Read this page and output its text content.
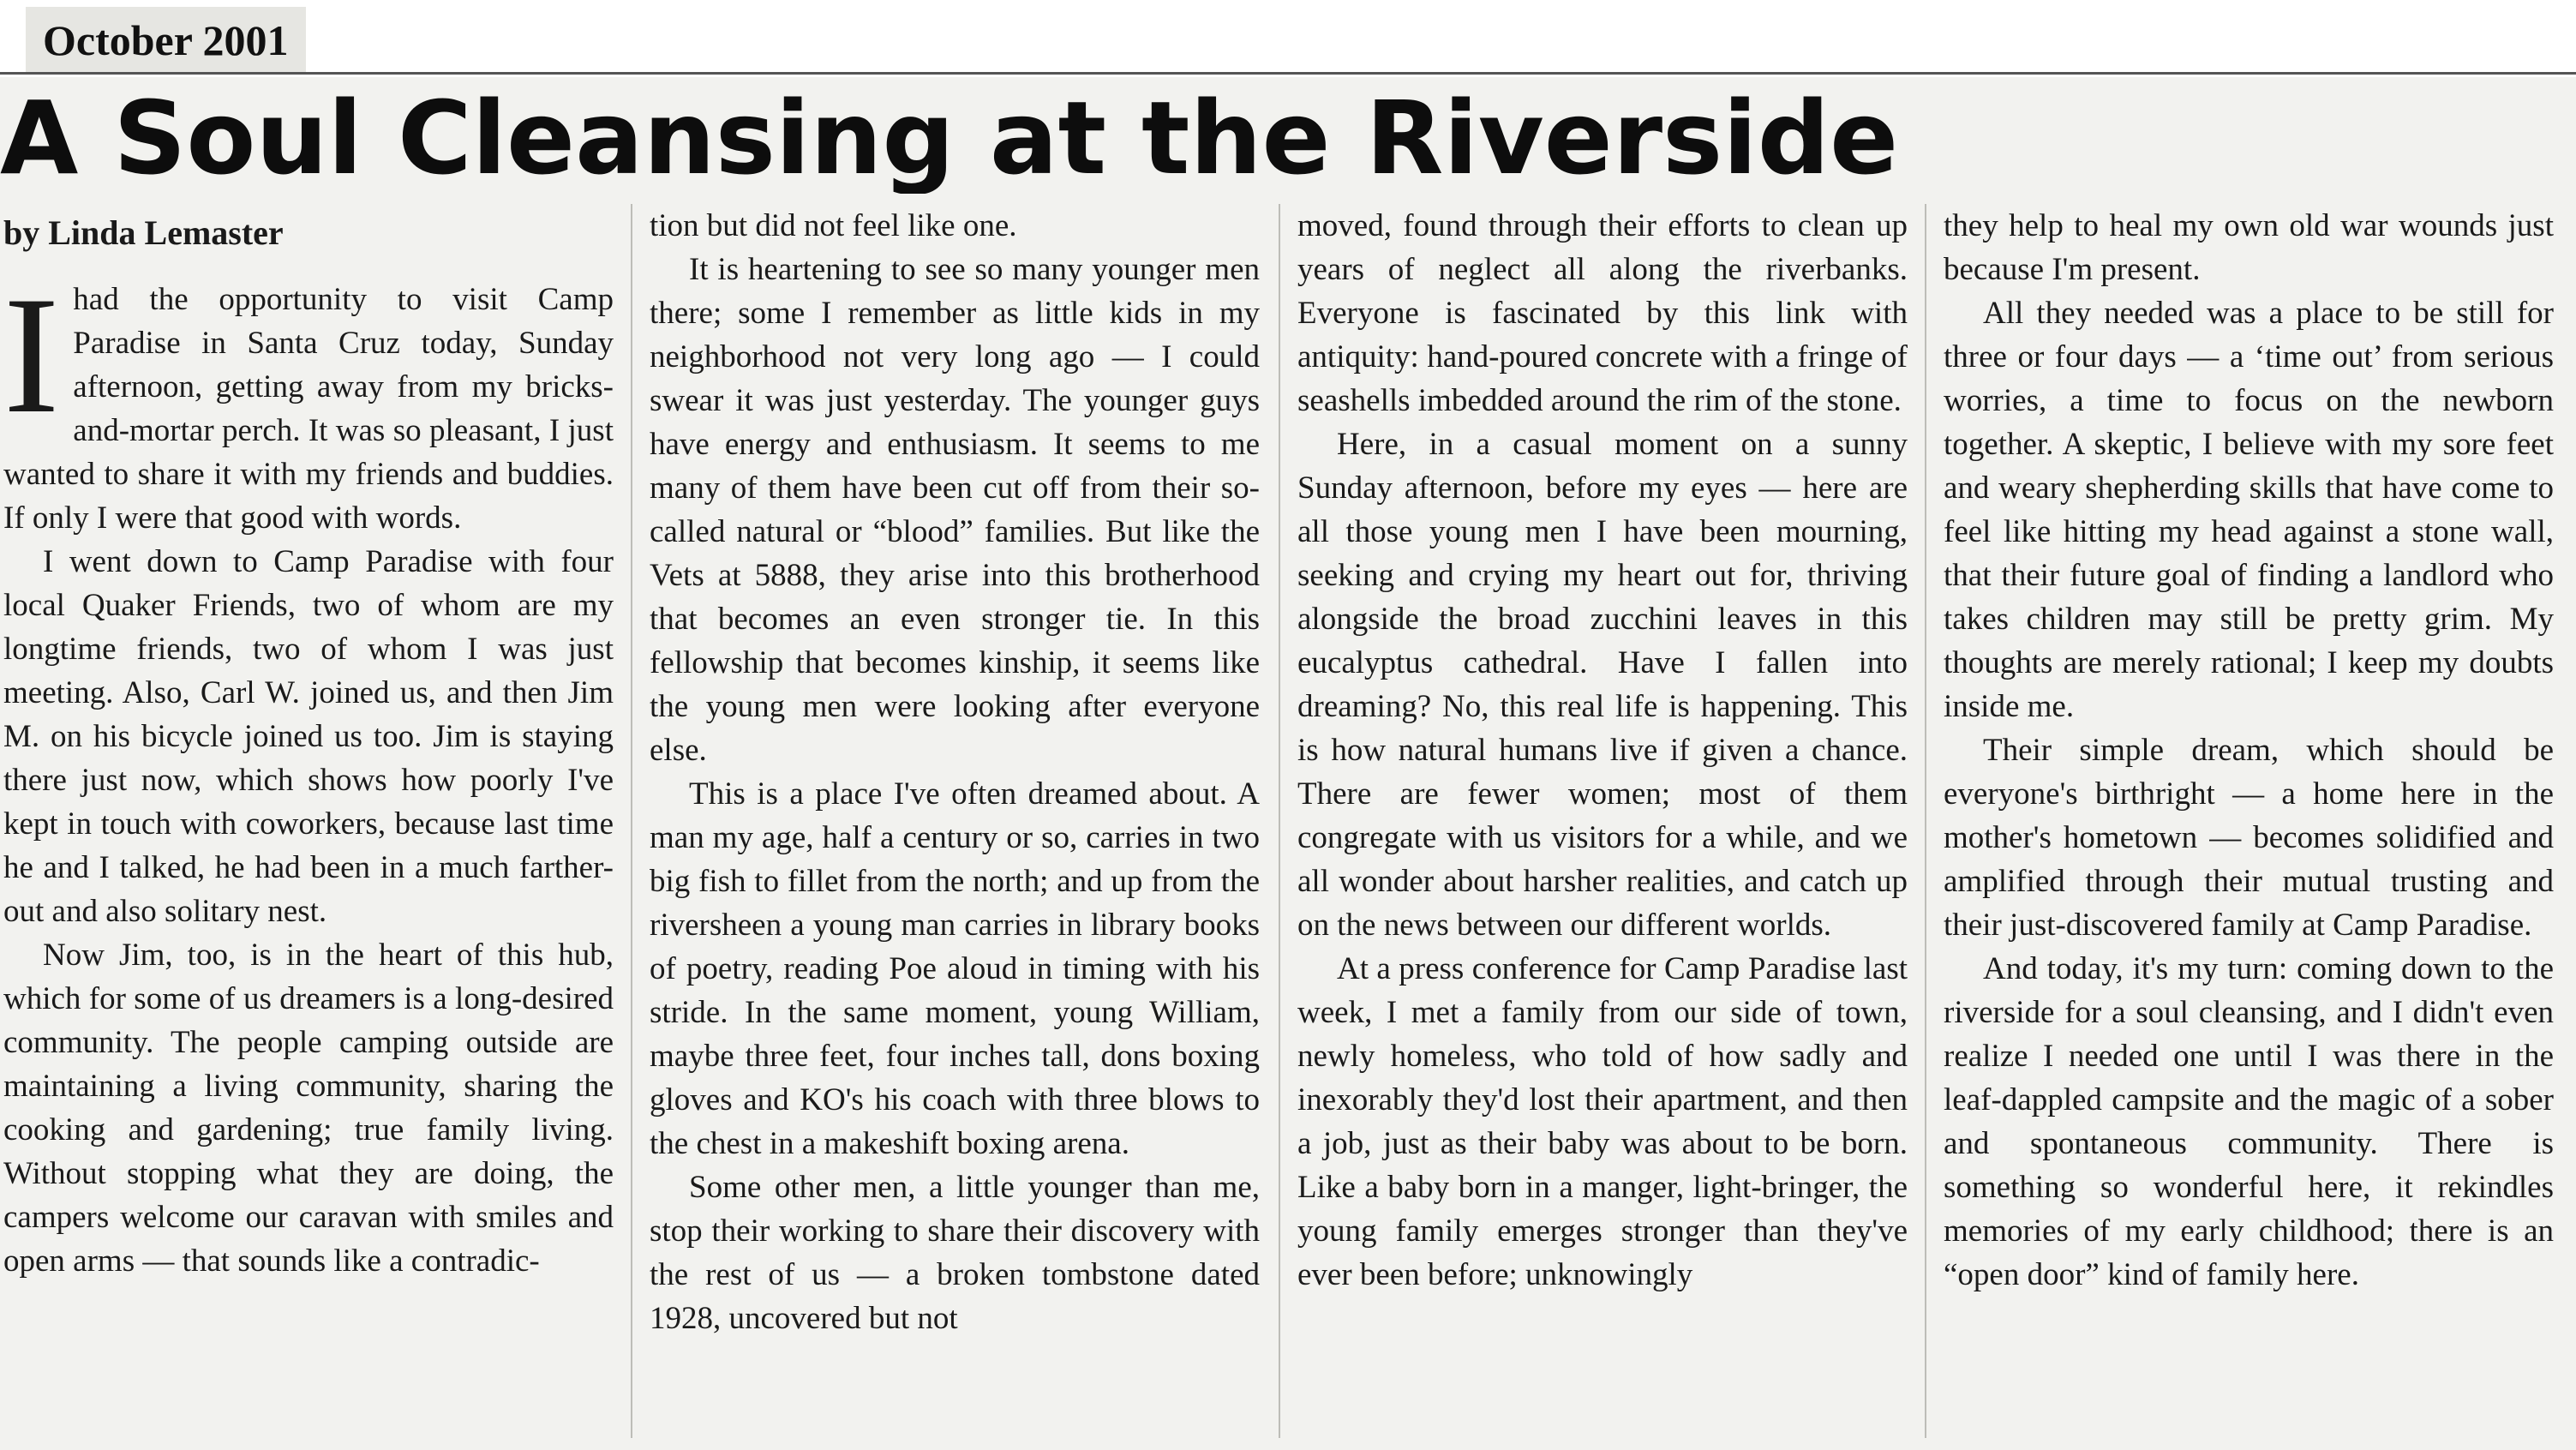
October 2001
A Soul Cleansing at the Riverside
by Linda Lemaster

Ihad the opportunity to visit Camp Paradise in Santa Cruz today, Sunday afternoon, getting away from my bricks-and-mortar perch. It was so pleasant, I just wanted to share it with my friends and buddies. If only I were that good with words.

I went down to Camp Paradise with four local Quaker Friends, two of whom are my longtime friends, two of whom I was just meeting. Also, Carl W. joined us, and then Jim M. on his bicycle joined us too. Jim is staying there just now, which shows how poorly I've kept in touch with coworkers, because last time he and I talked, he had been in a much farther-out and also solitary nest.

Now Jim, too, is in the heart of this hub, which for some of us dreamers is a long-desired community. The people camping outside are maintaining a living community, sharing the cooking and gardening; true family living. Without stopping what they are doing, the campers welcome our caravan with smiles and open arms — that sounds like a contradic-

tion but did not feel like one.

It is heartening to see so many younger men there; some I remember as little kids in my neighborhood not very long ago — I could swear it was just yesterday. The younger guys have energy and enthusiasm. It seems to me many of them have been cut off from their so-called natural or “blood” families. But like the Vets at 5888, they arise into this brotherhood that becomes an even stronger tie. In this fellowship that becomes kinship, it seems like the young men were looking after everyone else.

This is a place I've often dreamed about. A man my age, half a century or so, carries in two big fish to fillet from the north; and up from the riversheen a young man carries in library books of poetry, reading Poe aloud in timing with his stride. In the same moment, young William, maybe three feet, four inches tall, dons boxing gloves and KO's his coach with three blows to the chest in a makeshift boxing arena.

Some other men, a little younger than me, stop their working to share their discovery with the rest of us — a broken tombstone dated 1928, uncovered but not

moved, found through their efforts to clean up years of neglect all along the riverbanks. Everyone is fascinated by this link with antiquity: hand-poured concrete with a fringe of seashells imbedded around the rim of the stone.

Here, in a casual moment on a sunny Sunday afternoon, before my eyes — here are all those young men I have been mourning, seeking and crying my heart out for, thriving alongside the broad zucchini leaves in this eucalyptus cathedral. Have I fallen into dreaming? No, this real life is happening. This is how natural humans live if given a chance. There are fewer women; most of them congregate with us visitors for a while, and we all wonder about harsher realities, and catch up on the news between our different worlds.

At a press conference for Camp Paradise last week, I met a family from our side of town, newly homeless, who told of how sadly and inexorably they'd lost their apartment, and then a job, just as their baby was about to be born. Like a baby born in a manger, light-bringer, the young family emerges stronger than they've ever been before; unknowingly

they help to heal my own old war wounds just because I'm present.

All they needed was a place to be still for three or four days — a ‘time out’ from serious worries, a time to focus on the newborn together. A skeptic, I believe with my sore feet and weary shepherding skills that have come to feel like hitting my head against a stone wall, that their future goal of finding a landlord who takes children may still be pretty grim. My thoughts are merely rational; I keep my doubts inside me.

Their simple dream, which should be everyone's birthright — a home here in the mother's hometown — becomes solidified and amplified through their mutual trusting and their just-discovered family at Camp Paradise.

And today, it's my turn: coming down to the riverside for a soul cleansing, and I didn't even realize I needed one until I was there in the leaf-dappled campsite and the magic of a sober and spontaneous community. There is something so wonderful here, it rekindles memories of my early childhood; there is an “open door” kind of family here.
